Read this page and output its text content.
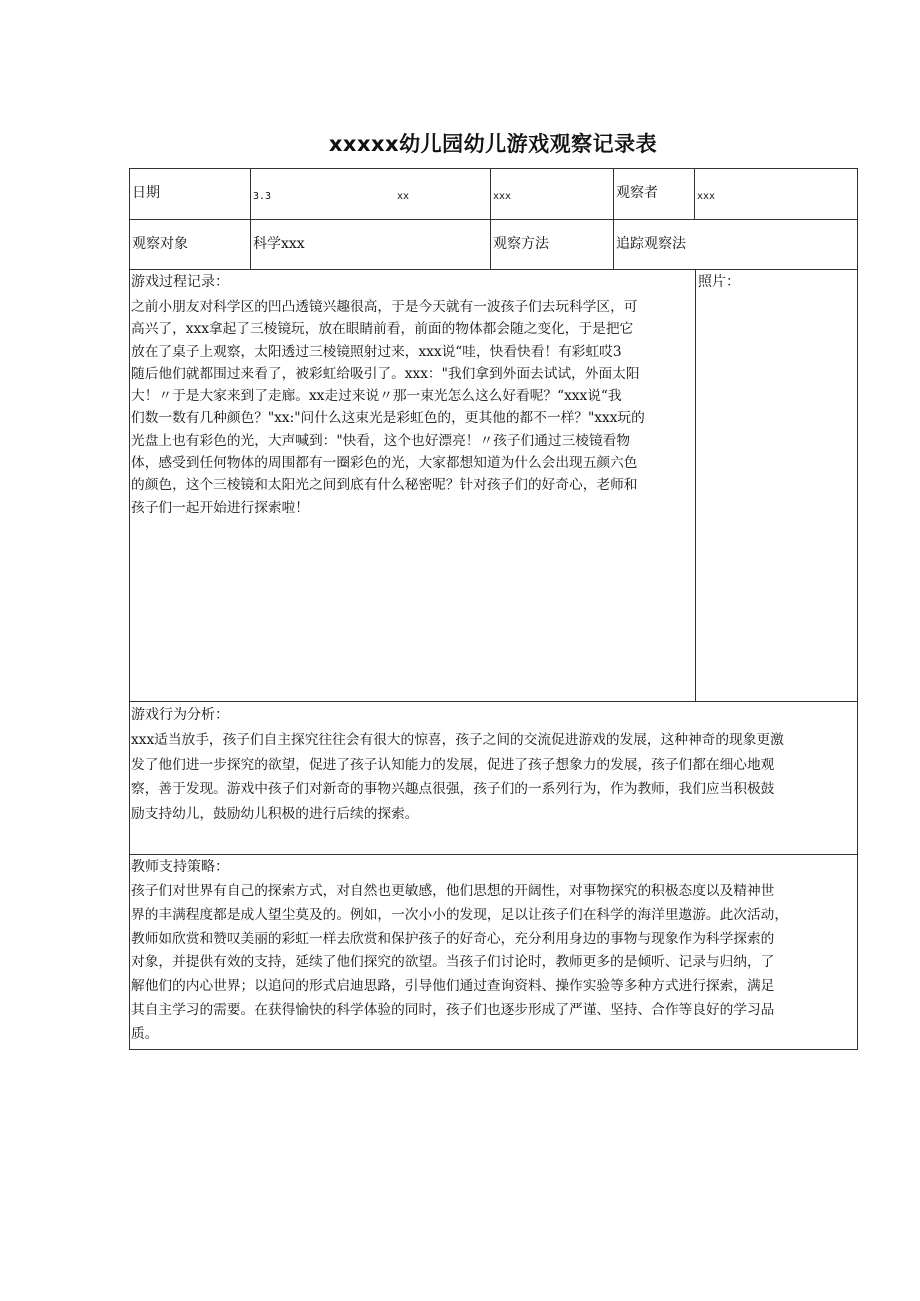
xxxxx幼儿园幼儿游戏观察记录表
日期	3.3	xx	xxx	观察者	xxx
观察对象	科学xxx	观察方法	追踪观察法
游戏过程记录：	照片：
之前小朋友对科学区的凹凸透镜兴趣很高，于是今天就有一波孩子们去玩科学区，可
高兴了，xxx拿起了三棱镜玩，放在眼睛前看，前面的物体都会随之变化，于是把它
放在了桌子上观察，太阳透过三棱镜照射过来，xxx说“哇，快看快看！有彩虹哎3
随后他们就都围过来看了，被彩虹给吸引了。xxx："我们拿到外面去试试，外面太阳
大！〃于是大家来到了走廊。xx走过来说〃那一束光怎么这么好看呢？“xxx说“我
们数一数有几种颜色？"xx:"问什么这束光是彩虹色的，更其他的都不一样？"xxx玩的
光盘上也有彩色的光，大声喊到："快看，这个也好漂亮！〃孩子们通过三棱镜看物
体，感受到任何物体的周围都有一圈彩色的光，大家都想知道为什么会出现五颜六色
的颜色，这个三棱镜和太阳光之间到底有什么秘密呢？针对孩子们的好奇心，老师和
孩子们一起开始进行探索啦！
游戏行为分析：
xxx适当放手，孩子们自主探究往往会有很大的惊喜，孩子之间的交流促进游戏的发展，这种神奇的现象更激
发了他们进一步探究的欲望，促进了孩子认知能力的发展，促进了孩子想象力的发展，孩子们都在细心地观
察，善于发现。游戏中孩子们对新奇的事物兴趣点很强，孩子们的一系列行为，作为教师，我们应当积极鼓
励支持幼儿，鼓励幼儿积极的进行后续的探索。
教师支持策略：
孩子们对世界有自己的探索方式，对自然也更敏感，他们思想的开阔性，对事物探究的积极态度以及精神世
界的丰满程度都是成人望尘莫及的。例如，一次小小的发现，足以让孩子们在科学的海洋里遨游。此次活动，
教师如欣赏和赞叹美丽的彩虹一样去欣赏和保护孩子的好奇心，充分利用身边的事物与现象作为科学探索的
对象，并提供有效的支持，延续了他们探究的欲望。当孩子们讨论时，教师更多的是倾听、记录与归纳，了
解他们的内心世界；以追问的形式启迪思路，引导他们通过查询资料、操作实验等多种方式进行探索，满足
其自主学习的需要。在获得愉快的科学体验的同时，孩子们也逐步形成了严谨、坚持、合作等良好的学习品
质。
